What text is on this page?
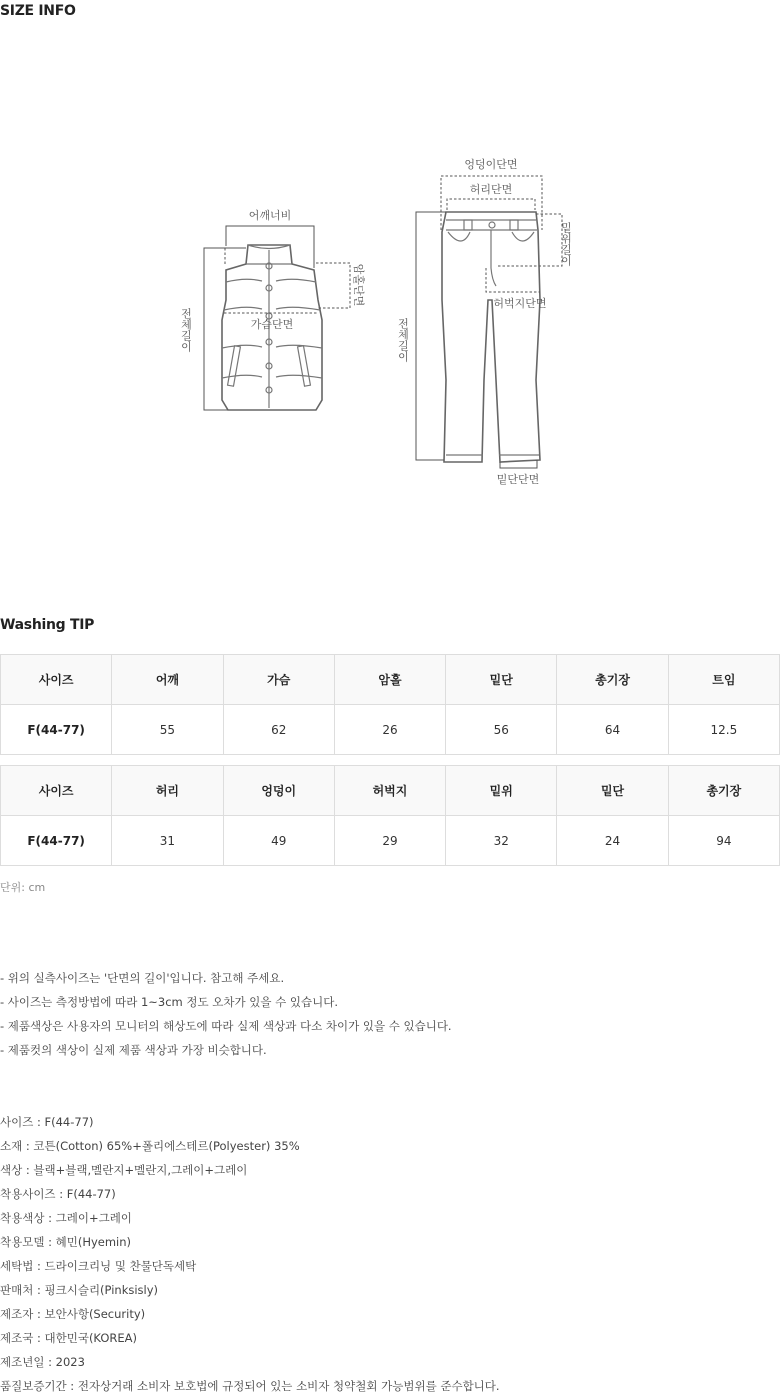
SIZE INFO
어깨너비
암홀단면
전체길이	가슴단면
엉덩이단면
허리단면
밑위길이
허벅지단면
전체길이
밑단단면
Washing TIP
사이즈	어깨	가슴	암홀	밑단	총기장	트임
F(44-77)	55	62	26	56	64	12.5
사이즈	허리	엉덩이	허벅지	밑위	밑단	총기장
F(44-77)	31	49	29	32	24	94
단위: cm
- 위의 실측사이즈는 '단면의 길이'입니다. 참고해 주세요.
- 사이즈는 측정방법에 따라 1~3cm 정도 오차가 있을 수 있습니다.
- 제품색상은 사용자의 모니터의 해상도에 따라 실제 색상과 다소 차이가 있을 수 있습니다.
- 제품컷의 색상이 실제 제품 색상과 가장 비슷합니다.
사이즈 : F(44-77)
소재 : 코튼(Cotton) 65%+폴리에스테르(Polyester) 35%
색상 : 블랙+블랙,멜란지+멜란지,그레이+그레이
착용사이즈 : F(44-77)
착용색상 : 그레이+그레이
착용모델 : 혜민(Hyemin)
세탁법 : 드라이크리닝 및 찬물단독세탁
판매처 : 핑크시슬리(Pinksisly)
제조자 : 보안사항(Security)
제조국 : 대한민국(KOREA)
제조년일 : 2023
품질보증기간 : 전자상거래 소비자 보호법에 규정되어 있는 소비자 청약철회 가능범위를 준수합니다.
